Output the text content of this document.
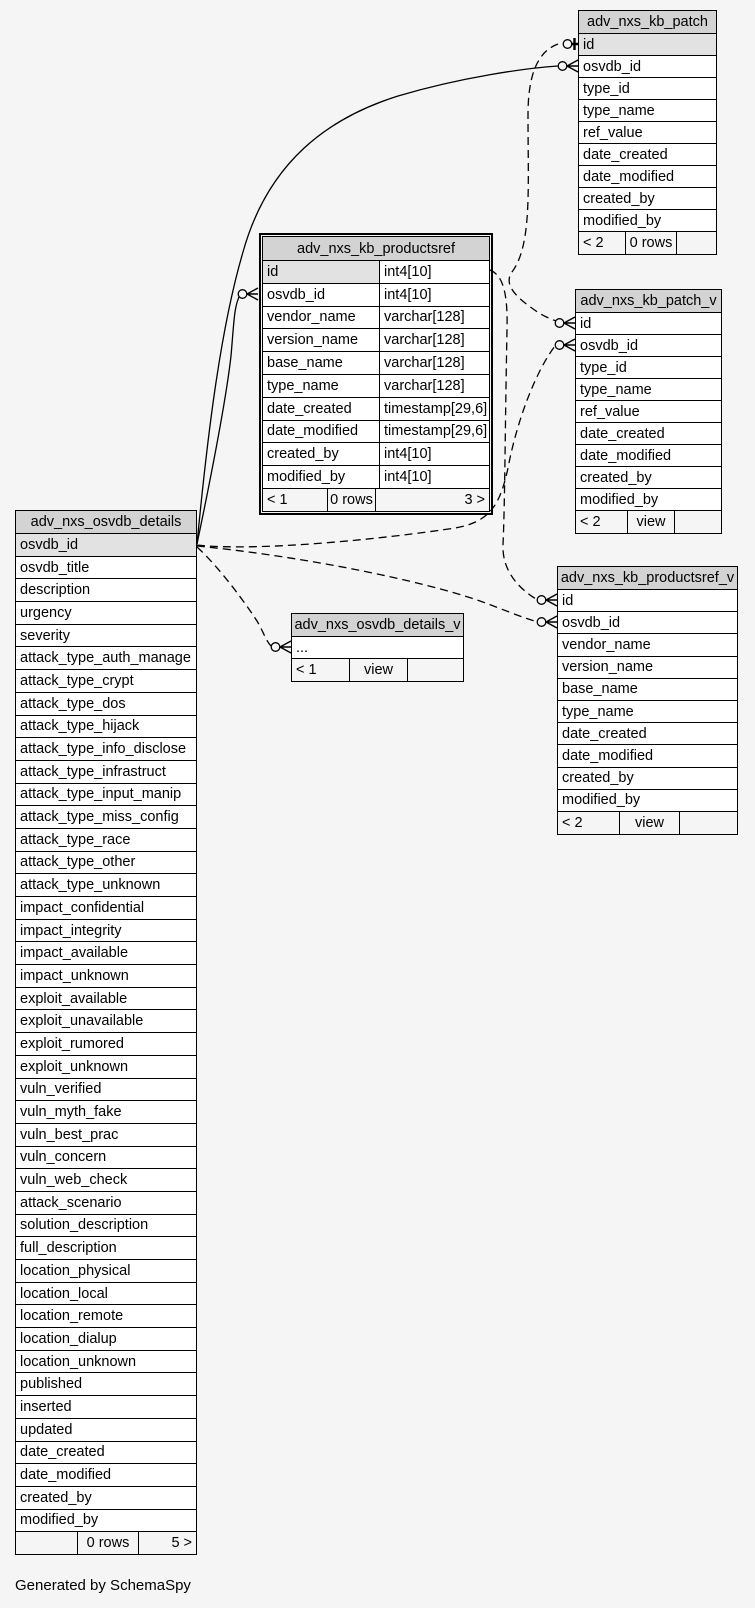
Generated by SchemaSpy
adv_nxs_kb_patch
id
osvdb_id
type_id
type_name
ref_value
date_created
date_modified
created_by
modified_by
< 2	0 rows
adv_nxs_kb_productsref
id	int4[10]
osvdb_id	int4[10]
vendor_name	varchar[128]
version_name	varchar[128]
base_name	varchar[128]
type_name	varchar[128]
date_created	timestamp[29,6]
date_modified	timestamp[29,6]
created_by	int4[10]
modified_by	int4[10]
< 1	0 rows	3 >
adv_nxs_kb_patch_v
id
osvdb_id
type_id
type_name
ref_value
date_created
date_modified
created_by
modified_by
< 2	view
adv_nxs_osvdb_details
osvdb_id
osvdb_title
description
urgency
severity
attack_type_auth_manage
attack_type_crypt
attack_type_dos
attack_type_hijack
attack_type_info_disclose
attack_type_infrastruct
attack_type_input_manip
attack_type_miss_config
attack_type_race
attack_type_other
attack_type_unknown
impact_confidential
impact_integrity
impact_available
impact_unknown
exploit_available
exploit_unavailable
exploit_rumored
exploit_unknown
vuln_verified
vuln_myth_fake
vuln_best_prac
vuln_concern
vuln_web_check
attack_scenario
solution_description
full_description
location_physical
location_local
location_remote
location_dialup
location_unknown
published
inserted
updated
date_created
date_modified
created_by
modified_by
0 rows	5 >
adv_nxs_osvdb_details_v
...
< 1	view
adv_nxs_kb_productsref_v
id
osvdb_id
vendor_name
version_name
base_name
type_name
date_created
date_modified
created_by
modified_by
< 2	view
